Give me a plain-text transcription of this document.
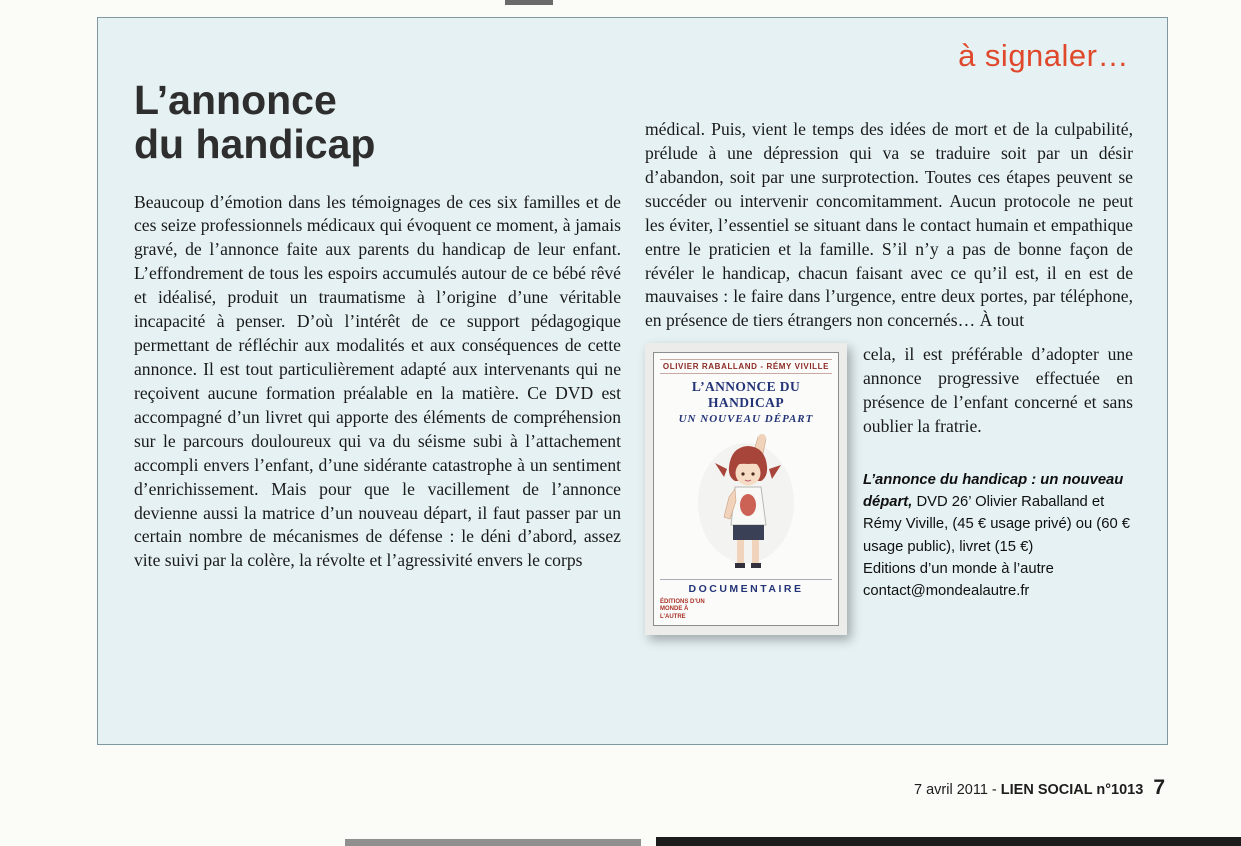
à signaler…
L’annonce
du handicap

Beaucoup d’émotion dans les témoignages de ces six familles et de ces seize professionnels médicaux qui évoquent ce moment, à jamais gravé, de l’annonce faite aux parents du handicap de leur enfant. L’effondrement de tous les espoirs accumulés autour de ce bébé rêvé et idéalisé, produit un traumatisme à l’origine d’une véritable incapacité à penser. D’où l’intérêt de ce support pédagogique permettant de réfléchir aux modalités et aux conséquences de cette annonce. Il est tout particulièrement adapté aux intervenants qui ne reçoivent aucune formation préalable en la matière. Ce DVD est accompagné d’un livret qui apporte des éléments de compréhension sur le parcours douloureux qui va du séisme subi à l’attachement accompli envers l’enfant, d’une sidérante catastrophe à un sentiment d’enrichissement. Mais pour que le vacillement de l’annonce devienne aussi la matrice d’un nouveau départ, il faut passer par un certain nombre de mécanismes de défense : le déni d’abord, assez vite suivi par la colère, la révolte et l’agressivité envers le corps

médical. Puis, vient le temps des idées de mort et de la culpabilité, prélude à une dépression qui va se traduire soit par un désir d’abandon, soit par une surprotection. Toutes ces étapes peuvent se succéder ou intervenir concomitamment. Aucun protocole ne peut les éviter, l’essentiel se situant dans le contact humain et empathique entre le praticien et la famille. S’il n’y a pas de bonne façon de révéler le handicap, chacun faisant avec ce qu’il est, il en est de mauvaises : le faire dans l’urgence, entre deux portes, par téléphone, en présence de tiers étrangers non concernés… À tout

OLIVIER RABALLAND - RÉMY VIVILLE
L’ANNONCE DU HANDICAP
UN NOUVEAU DÉPART
DOCUMENTAIRE
ÉDITIONS D’UN MONDE À L’AUTRE

cela, il est préférable d’adopter une annonce progressive effectuée en présence de l’enfant concerné et sans oublier la fratrie.

L’annonce du handicap : un nouveau départ, DVD 26’ Olivier Raballand et Rémy Viville, (45 € usage privé) ou (60 € usage public), livret (15 €)
Editions d’un monde à l’autre
contact@mondealautre.fr
7 avril 2011 - LIEN SOCIAL n°1013 7
